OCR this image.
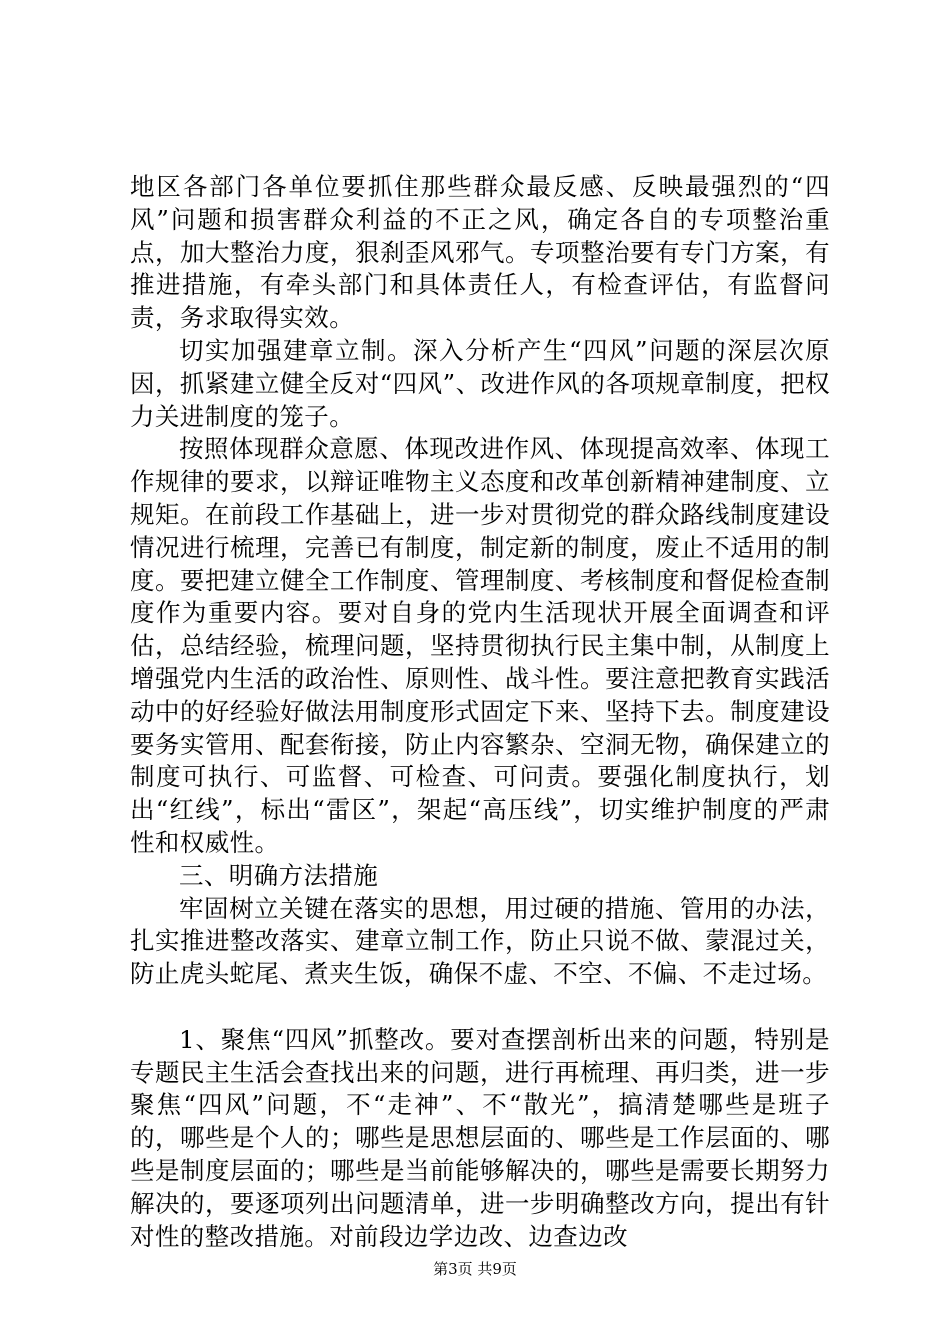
地区各部门各单位要抓住那些群众最反感、反映最强烈的“四风”问题和损害群众利益的不正之风，确定各自的专项整治重点，加大整治力度，狠刹歪风邪气。专项整治要有专门方案，有推进措施，有牵头部门和具体责任人，有检查评估，有监督问责，务求取得实效。

切实加强建章立制。深入分析产生“四风”问题的深层次原因，抓紧建立健全反对“四风”、改进作风的各项规章制度，把权力关进制度的笼子。

按照体现群众意愿、体现改进作风、体现提高效率、体现工作规律的要求，以辩证唯物主义态度和改革创新精神建制度、立规矩。在前段工作基础上，进一步对贯彻党的群众路线制度建设情况进行梳理，完善已有制度，制定新的制度，废止不适用的制度。要把建立健全工作制度、管理制度、考核制度和督促检查制度作为重要内容。要对自身的党内生活现状开展全面调查和评估，总结经验，梳理问题，坚持贯彻执行民主集中制，从制度上增强党内生活的政治性、原则性、战斗性。要注意把教育实践活动中的好经验好做法用制度形式固定下来、坚持下去。制度建设要务实管用、配套衔接，防止内容繁杂、空洞无物，确保建立的制度可执行、可监督、可检查、可问责。要强化制度执行，划出“红线”，标出“雷区”，架起“高压线”，切实维护制度的严肃性和权威性。

三、明确方法措施

牢固树立关键在落实的思想，用过硬的措施、管用的办法，扎实推进整改落实、建章立制工作，防止只说不做、蒙混过关，防止虎头蛇尾、煮夹生饭，确保不虚、不空、不偏、不走过场。

1、聚焦“四风”抓整改。要对查摆剖析出来的问题，特别是专题民主生活会查找出来的问题，进行再梳理、再归类，进一步聚焦“四风”问题，不“走神”、不“散光”，搞清楚哪些是班子的，哪些是个人的；哪些是思想层面的、哪些是工作层面的、哪些是制度层面的；哪些是当前能够解决的，哪些是需要长期努力解决的，要逐项列出问题清单，进一步明确整改方向，提出有针对性的整改措施。对前段边学边改、边查边改

第3页 共9页
